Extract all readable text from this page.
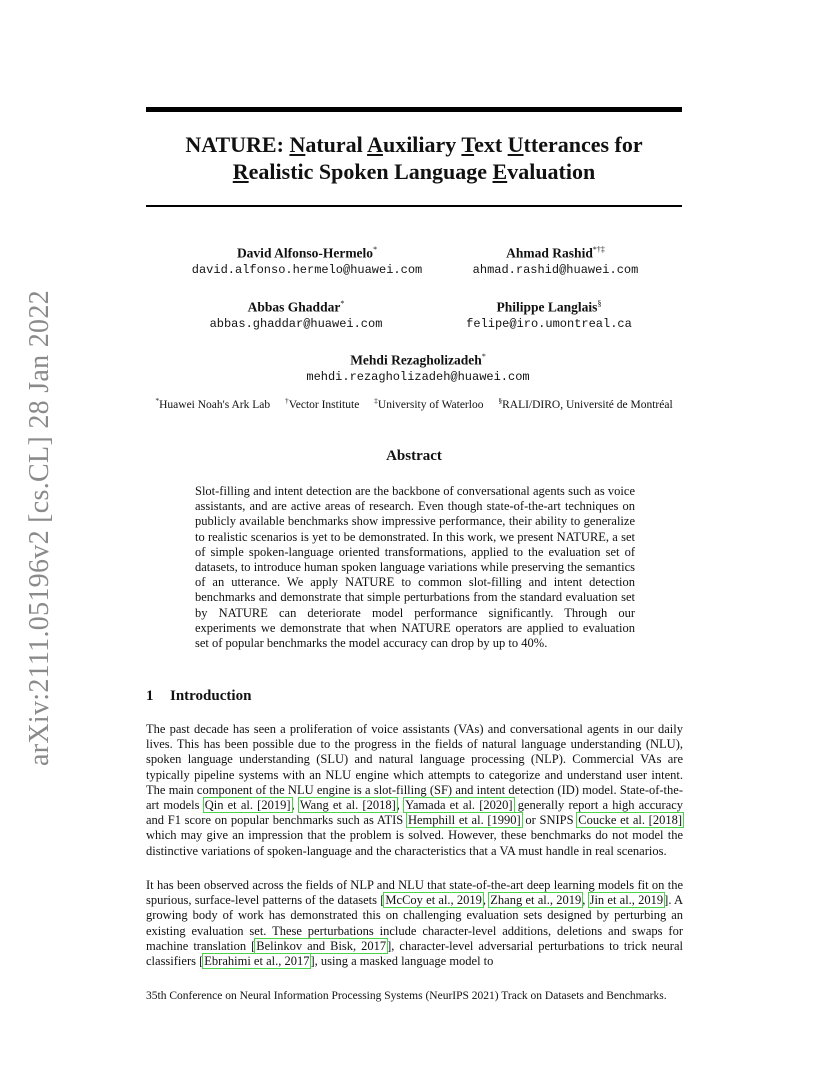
arXiv:2111.05196v2 [cs.CL] 28 Jan 2022
NATURE: Natural Auxiliary Text Utterances for
Realistic Spoken Language Evaluation
David Alfonso-Hermelo*
david.alfonso.hermelo@huawei.com
Ahmad Rashid*†‡
ahmad.rashid@huawei.com
Abbas Ghaddar*
abbas.ghaddar@huawei.com
Philippe Langlais§
felipe@iro.umontreal.ca
Mehdi Rezagholizadeh*
mehdi.rezagholizadeh@huawei.com
*Huawei Noah's Ark Lab †Vector Institute ‡University of Waterloo §RALI/DIRO, Université de Montréal
Abstract

Slot-filling and intent detection are the backbone of conversational agents such as voice assistants, and are active areas of research. Even though state-of-the-art techniques on publicly available benchmarks show impressive performance, their ability to generalize to realistic scenarios is yet to be demonstrated. In this work, we present NATURE, a set of simple spoken-language oriented transformations, applied to the evaluation set of datasets, to introduce human spoken language variations while preserving the semantics of an utterance. We apply NATURE to common slot-filling and intent detection benchmarks and demonstrate that simple perturbations from the standard evaluation set by NATURE can deteriorate model performance significantly. Through our experiments we demonstrate that when NATURE operators are applied to evaluation set of popular benchmarks the model accuracy can drop by up to 40%.

1 Introduction

The past decade has seen a proliferation of voice assistants (VAs) and conversational agents in our daily lives. This has been possible due to the progress in the fields of natural language understanding (NLU), spoken language understanding (SLU) and natural language processing (NLP). Commercial VAs are typically pipeline systems with an NLU engine which attempts to categorize and understand user intent. The main component of the NLU engine is a slot-filling (SF) and intent detection (ID) model. State-of-the-art models Qin et al. [2019], Wang et al. [2018], Yamada et al. [2020] generally report a high accuracy and F1 score on popular benchmarks such as ATIS Hemphill et al. [1990] or SNIPS Coucke et al. [2018] which may give an impression that the problem is solved. However, these benchmarks do not model the distinctive variations of spoken-language and the characteristics that a VA must handle in real scenarios.

It has been observed across the fields of NLP and NLU that state-of-the-art deep learning models fit on the spurious, surface-level patterns of the datasets [McCoy et al., 2019, Zhang et al., 2019, Jin et al., 2019]. A growing body of work has demonstrated this on challenging evaluation sets designed by perturbing an existing evaluation set. These perturbations include character-level additions, deletions and swaps for machine translation [Belinkov and Bisk, 2017], character-level adversarial perturbations to trick neural classifiers [Ebrahimi et al., 2017], using a masked language model to

35th Conference on Neural Information Processing Systems (NeurIPS 2021) Track on Datasets and Benchmarks.
